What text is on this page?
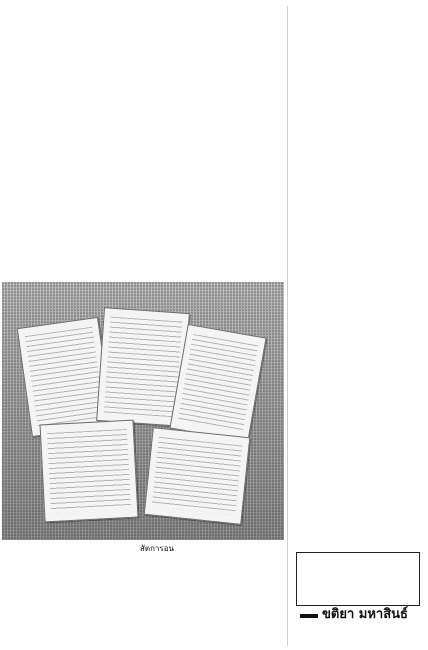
สัตการอน

ขติยา มหาสินธ์
